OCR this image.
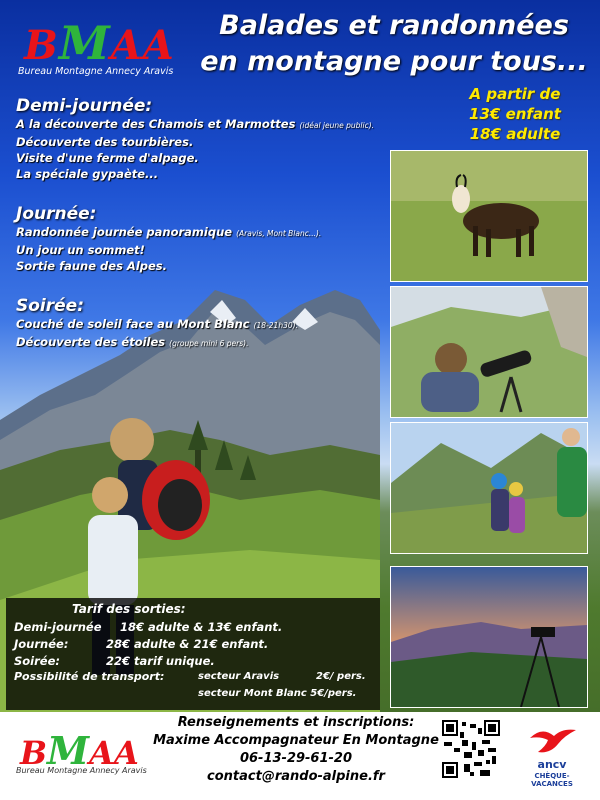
BMAA
Bureau Montagne Annecy Aravis
Balades et randonnées
en montagne pour tous...
A partir de
13€ enfant
18€ adulte
Demi-journée:
A la découverte des Chamois et Marmottes (idéal jeune public).
Découverte des tourbières.
Visite d'une ferme d'alpage.
La spéciale gypaète...
Journée:
Randonnée journée panoramique (Aravis, Mont Blanc...).
Un jour un sommet!
Sortie faune des Alpes.
Soirée:
Couché de soleil face au Mont Blanc (18-21h30).
Découverte des étoiles (groupe mini 6 pers).
Tarif des sorties:
Demi-journée 18€ adulte & 13€ enfant.
Journée:	28€ adulte & 21€ enfant.
Soirée:	22€ tarif unique.
Possibilité de transport:	secteur Aravis	2€/ pers.
secteur Mont Blanc 5€/pers.
BMAA
Bureau Montagne Annecy Aravis
Renseignements et inscriptions:
Maxime Accompagnateur En Montagne
06-13-29-61-20
contact@rando-alpine.fr
ancv
CHÈQUE-VACANCES
